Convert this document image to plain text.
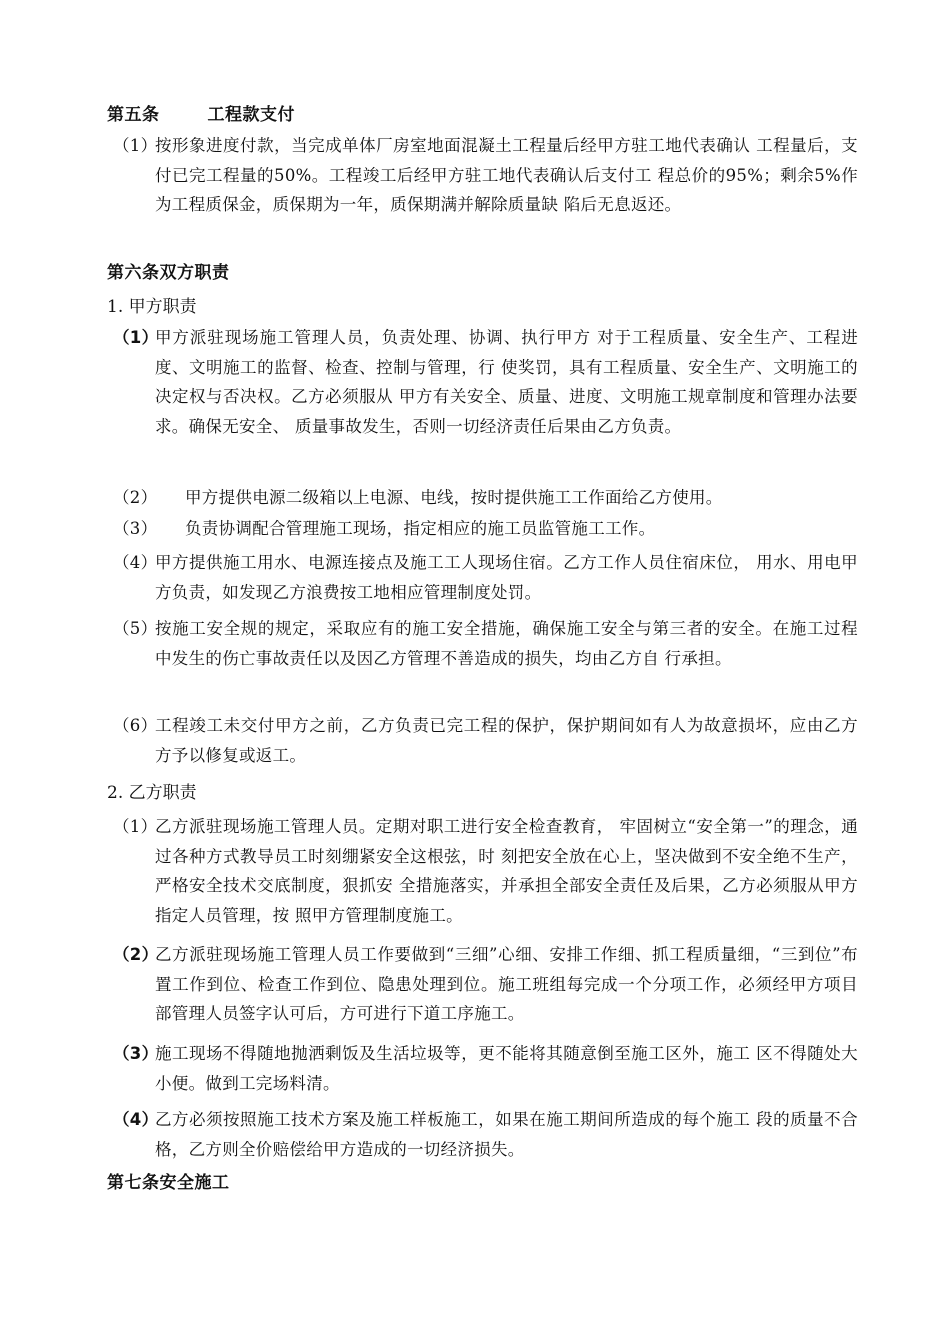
第五条	工程款支付
（1）
按形象进度付款，当完成单体厂房室地面混凝土工程量后经甲方驻工地代表确认 工程量后，支付已完工程量的50%。工程竣工后经甲方驻工地代表确认后支付工 程总价的95%；剩余5%作为工程质保金，质保期为一年，质保期满并解除质量缺 陷后无息返还。
第六条双方职责
1. 甲方职责
（1）
甲方派驻现场施工管理人员，负责处理、协调、执行甲方 对于工程质量、安全生产、工程进度、文明施工的监督、检查、控制与管理，行 使奖罚，具有工程质量、安全生产、文明施工的决定权与否决权。乙方必须服从 甲方有关安全、质量、进度、文明施工规章制度和管理办法要求。确保无安全、 质量事故发生，否则一切经济责任后果由乙方负责。
（2）	甲方提供电源二级箱以上电源、电线，按时提供施工工作面给乙方使用。
（3）	负责协调配合管理施工现场，指定相应的施工员监管施工工作。
（4）
甲方提供施工用水、电源连接点及施工工人现场住宿。乙方工作人员住宿床位， 用水、用电甲方负责，如发现乙方浪费按工地相应管理制度处罚。
（5）
按施工安全规的规定，采取应有的施工安全措施，确保施工安全与第三者的安全。在施工过程中发生的伤亡事故责任以及因乙方管理不善造成的损失，均由乙方自 行承担。
（6）
工程竣工未交付甲方之前，乙方负责已完工程的保护，保护期间如有人为故意损坏，应由乙方方予以修复或返工。
2. 乙方职责
（1）
乙方派驻现场施工管理人员。定期对职工进行安全检查教育， 牢固树立“安全第一”的理念，通过各种方式教导员工时刻绷紧安全这根弦，时 刻把安全放在心上，坚决做到不安全绝不生产，严格安全技术交底制度，狠抓安 全措施落实，并承担全部安全责任及后果，乙方必须服从甲方指定人员管理，按 照甲方管理制度施工。
（2）
乙方派驻现场施工管理人员工作要做到“三细”心细、安排工作细、抓工程质量细，“三到位”布置工作到位、检查工作到位、隐患处理到位。施工班组每完成一个分项工作，必须经甲方项目部管理人员签字认可后，方可进行下道工序施工。
（3）
施工现场不得随地抛洒剩饭及生活垃圾等，更不能将其随意倒至施工区外，施工 区不得随处大小便。做到工完场料清。
（4）
乙方必须按照施工技术方案及施工样板施工，如果在施工期间所造成的每个施工 段的质量不合格，乙方则全价赔偿给甲方造成的一切经济损失。
第七条安全施工
